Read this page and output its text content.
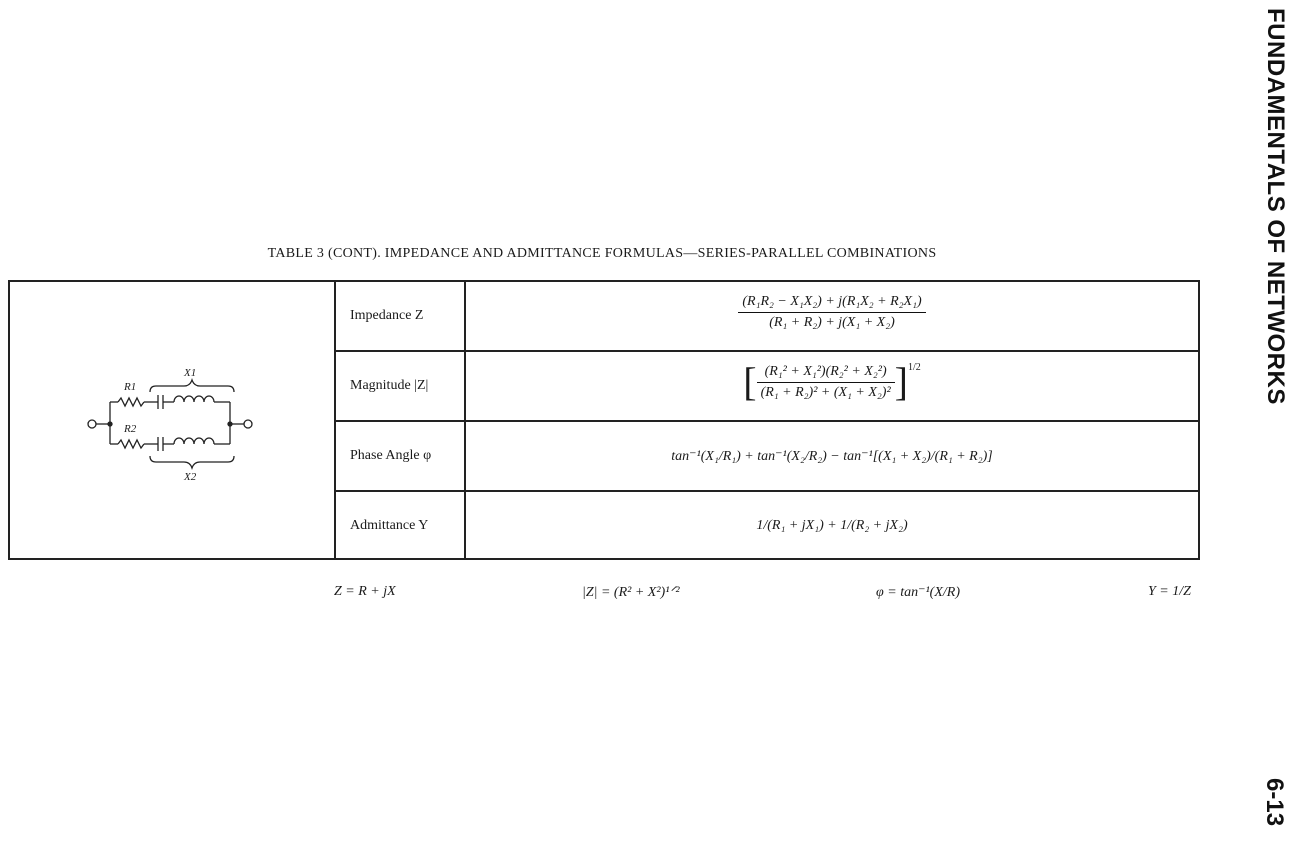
FUNDAMENTALS OF NETWORKS
6-13
TABLE 3 (CONT). IMPEDANCE AND ADMITTANCE FORMULAS—SERIES-PARALLEL COMBINATIONS
Impedance Z	$\frac{\text{(R₁R₂ − X₁X₂) + j(R₁X₂ + R₂X₁)}}{\text{(R₁ + R₂) + j(X₁ + X₂)}}$
Magnitude |Z|	[ $\frac{\text{(R₁² + X₁²)(R₂² + X₂²)}}{\text{(R₁ + R₂)² + (X₁ + X₂)²}} ]^{1/2}$
Phase Angle φ	tan⁻¹(X₁/R₁) + tan⁻¹(X₂/R₂) − tan⁻¹[(X₁ + X₂)/(R₁ + R₂)]
Admittance Y	1/(R₁ + jX₁) + 1/(R₂ + jX₂)
X1
R1
R2
X2
Z = R + jX	|Z| = (R² + X²)¹ᐟ²	φ = tan⁻¹(X/R)	Y = 1/Z
